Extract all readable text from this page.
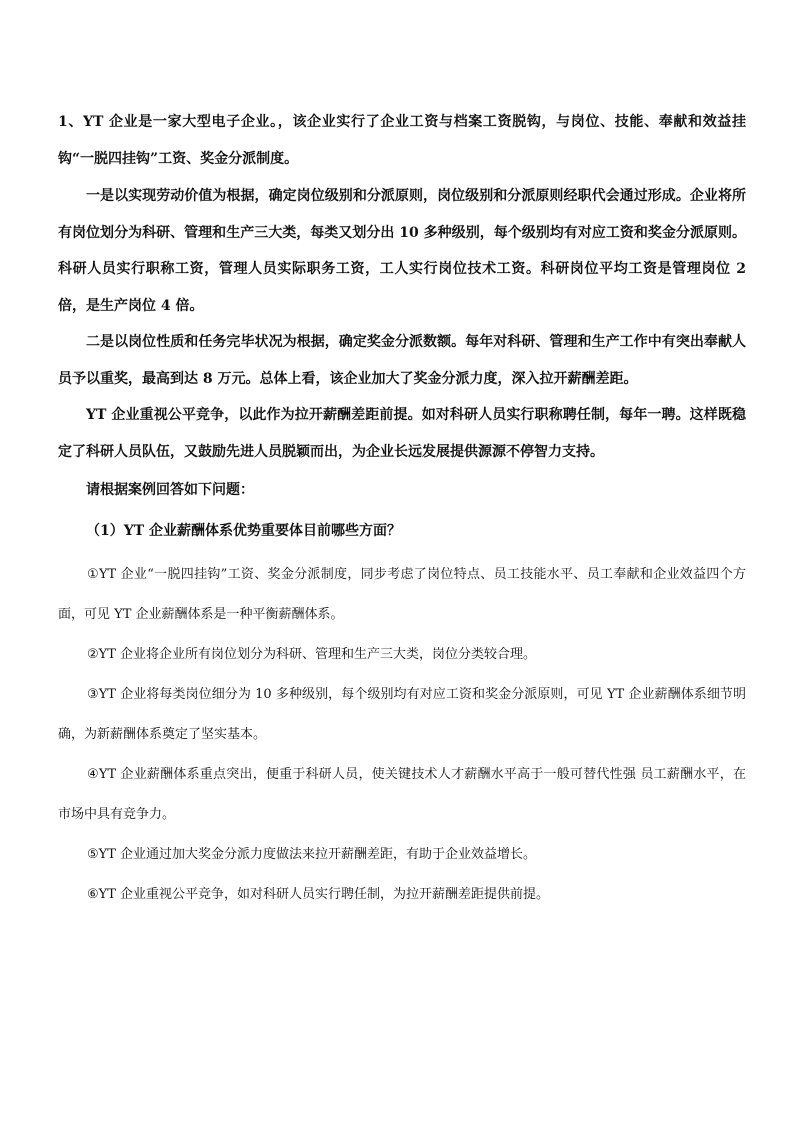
1、YT 企业是一家大型电子企业。，该企业实行了企业工资与档案工资脱钩，与岗位、技能、奉献和效益挂钩“一脱四挂钩”工资、奖金分派制度。

一是以实现劳动价值为根据，确定岗位级别和分派原则，岗位级别和分派原则经职代会通过形成。企业将所有岗位划分为科研、管理和生产三大类，每类又划分出 10 多种级别，每个级别均有对应工资和奖金分派原则。科研人员实行职称工资，管理人员实际职务工资，工人实行岗位技术工资。科研岗位平均工资是管理岗位 2 倍，是生产岗位 4 倍。

二是以岗位性质和任务完毕状况为根据，确定奖金分派数额。每年对科研、管理和生产工作中有突出奉献人员予以重奖，最高到达 8 万元。总体上看，该企业加大了奖金分派力度，深入拉开薪酬差距。

YT 企业重视公平竞争，以此作为拉开薪酬差距前提。如对科研人员实行职称聘任制，每年一聘。这样既稳定了科研人员队伍，又鼓励先进人员脱颖而出，为企业长远发展提供源源不停智力支持。

请根据案例回答如下问题：

（1）YT 企业薪酬体系优势重要体目前哪些方面？

①YT 企业“一脱四挂钩”工资、奖金分派制度，同步考虑了岗位特点、员工技能水平、员工奉献和企业效益四个方面，可见 YT 企业薪酬体系是一种平衡薪酬体系。

②YT 企业将企业所有岗位划分为科研、管理和生产三大类，岗位分类较合理。

③YT 企业将每类岗位细分为 10 多种级别，每个级别均有对应工资和奖金分派原则，可见 YT 企业薪酬体系细节明确，为新薪酬体系奠定了坚实基本。

④YT 企业薪酬体系重点突出，便重于科研人员，使关键技术人才薪酬水平高于一般可替代性强 员工薪酬水平，在市场中具有竞争力。

⑤YT 企业通过加大奖金分派力度做法来拉开薪酬差距，有助于企业效益增长。

⑥YT 企业重视公平竞争，如对科研人员实行聘任制，为拉开薪酬差距提供前提。
